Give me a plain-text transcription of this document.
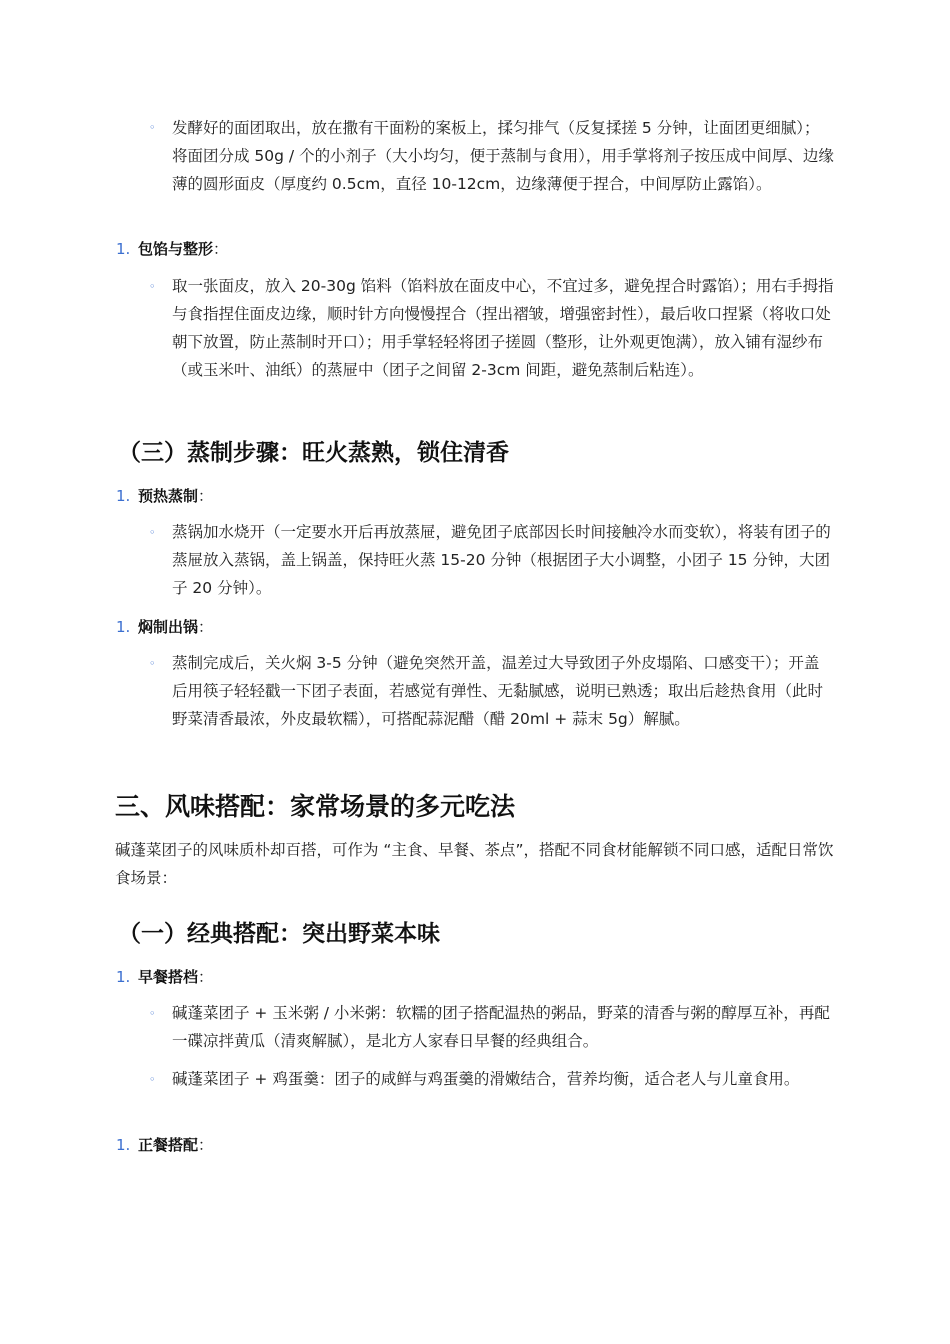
◦ 发酵好的面团取出，放在撒有干面粉的案板上，揉匀排气（反复揉搓 5 分钟，让面团更细腻）；将面团分成 50g / 个的小剂子（大小均匀，便于蒸制与食用），用手掌将剂子按压成中间厚、边缘薄的圆形面皮（厚度约 0.5cm，直径 10-12cm，边缘薄便于捏合，中间厚防止露馅）。
1. 包馅与整形：
◦ 取一张面皮，放入 20-30g 馅料（馅料放在面皮中心，不宜过多，避免捏合时露馅）；用右手拇指与食指捏住面皮边缘，顺时针方向慢慢捏合（捏出褶皱，增强密封性），最后收口捏紧（将收口处朝下放置，防止蒸制时开口）；用手掌轻轻将团子搓圆（整形，让外观更饱满），放入铺有湿纱布（或玉米叶、油纸）的蒸屉中（团子之间留 2-3cm 间距，避免蒸制后粘连）。
（三）蒸制步骤：旺火蒸熟，锁住清香
1. 预热蒸制：
◦ 蒸锅加水烧开（一定要水开后再放蒸屉，避免团子底部因长时间接触冷水而变软），将装有团子的蒸屉放入蒸锅，盖上锅盖，保持旺火蒸 15-20 分钟（根据团子大小调整，小团子 15 分钟，大团子 20 分钟）。
1. 焖制出锅：
◦ 蒸制完成后，关火焖 3-5 分钟（避免突然开盖，温差过大导致团子外皮塌陷、口感变干）；开盖后用筷子轻轻戳一下团子表面，若感觉有弹性、无黏腻感，说明已熟透；取出后趁热食用（此时野菜清香最浓，外皮最软糯），可搭配蒜泥醋（醋 20ml + 蒜末 5g）解腻。
三、风味搭配：家常场景的多元吃法
碱蓬菜团子的风味质朴却百搭，可作为 “主食、早餐、茶点”，搭配不同食材能解锁不同口感，适配日常饮食场景：
（一）经典搭配：突出野菜本味
1. 早餐搭档：
◦ 碱蓬菜团子 + 玉米粥 / 小米粥：软糯的团子搭配温热的粥品，野菜的清香与粥的醇厚互补，再配一碟凉拌黄瓜（清爽解腻），是北方人家春日早餐的经典组合。
◦ 碱蓬菜团子 + 鸡蛋羹：团子的咸鲜与鸡蛋羹的滑嫩结合，营养均衡，适合老人与儿童食用。
1. 正餐搭配：
